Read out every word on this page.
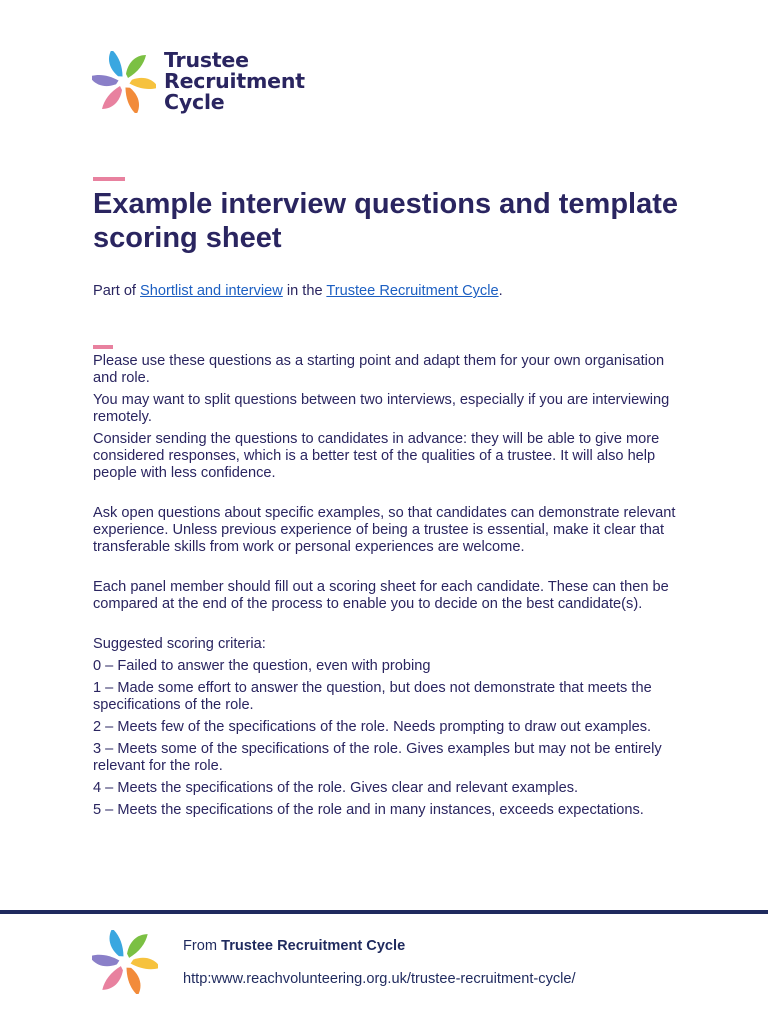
Trustee
Recruitment
Cycle
Example interview questions and template scoring sheet

Part of Shortlist and interview in the Trustee Recruitment Cycle.

Please use these questions as a starting point and adapt them for your own organisation and role.

You may want to split questions between two interviews, especially if you are interviewing remotely.

Consider sending the questions to candidates in advance: they will be able to give more considered responses, which is a better test of the qualities of a trustee. It will also help people with less confidence.

Ask open questions about specific examples, so that candidates can demonstrate relevant experience. Unless previous experience of being a trustee is essential, make it clear that transferable skills from work or personal experiences are welcome.

Each panel member should fill out a scoring sheet for each candidate. These can then be compared at the end of the process to enable you to decide on the best candidate(s).

Suggested scoring criteria:

0 – Failed to answer the question, even with probing

1 – Made some effort to answer the question, but does not demonstrate that meets the specifications of the role.

2 – Meets few of the specifications of the role. Needs prompting to draw out examples.

3 – Meets some of the specifications of the role. Gives examples but may not be entirely relevant for the role.

4 – Meets the specifications of the role. Gives clear and relevant examples.

5 – Meets the specifications of the role and in many instances, exceeds expectations.

From Trustee Recruitment Cycle

http:www.reachvolunteering.org.uk/trustee-recruitment-cycle/
